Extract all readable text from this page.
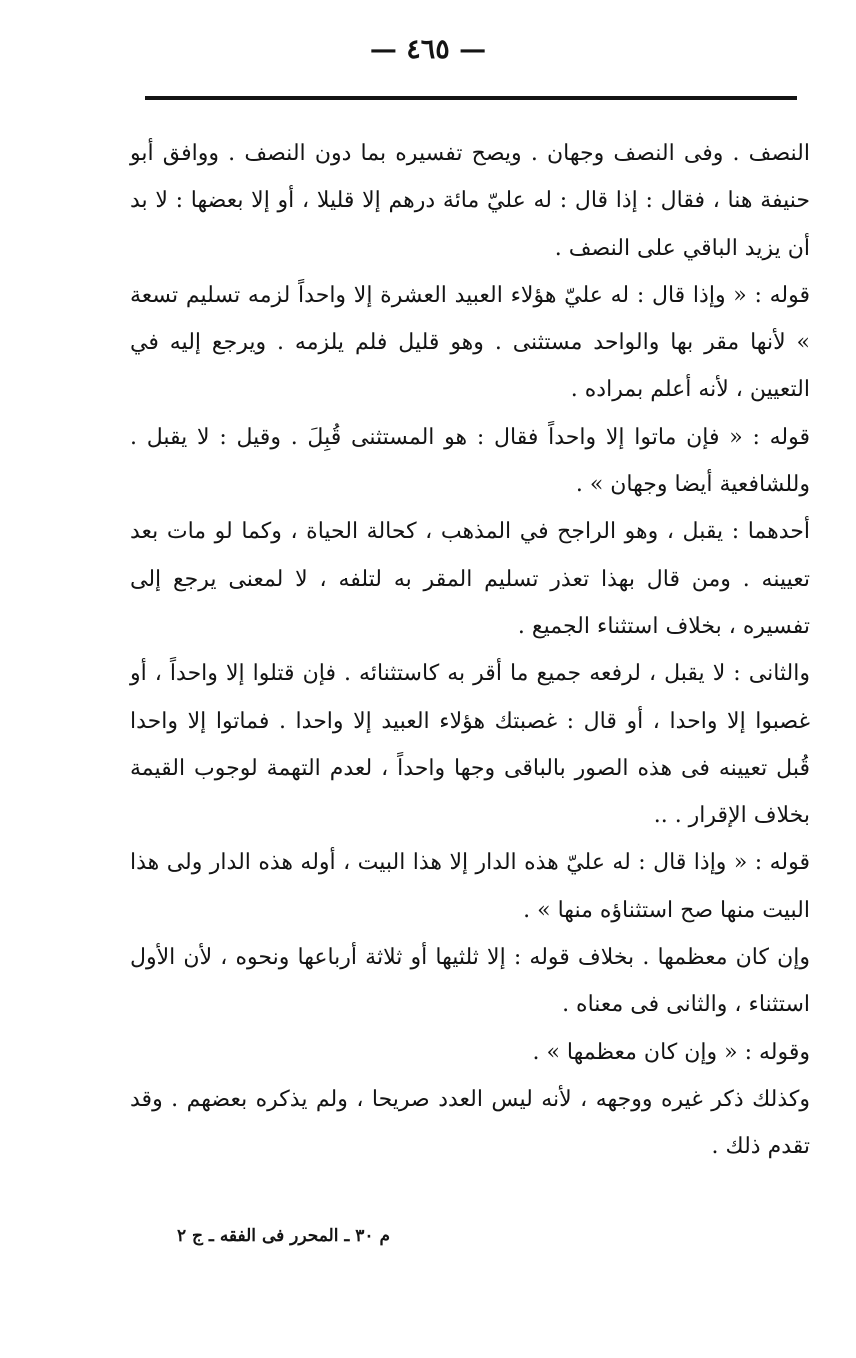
— ٤٦٥ —

النصف . وفى النصف وجهان . ويصح تفسيره بما دون النصف . ووافق أبو حنيفة هنا ، فقال : إذا قال : له عليّ مائة درهم إلا قليلا ، أو إلا بعضها : لا بد أن يزيد الباقي على النصف .

قوله : « وإذا قال : له عليّ هؤلاء العبيد العشرة إلا واحداً لزمه تسليم تسعة » لأنها مقر بها والواحد مستثنى . وهو قليل فلم يلزمه . ويرجع إليه في التعيين ، لأنه أعلم بمراده .

قوله : « فإن ماتوا إلا واحداً فقال : هو المستثنى قُبِلَ . وقيل : لا يقبل . وللشافعية أيضا وجهان » .

أحدهما : يقبل ، وهو الراجح في المذهب ، كحالة الحياة ، وكما لو مات بعد تعيينه . ومن قال بهذا تعذر تسليم المقر به لتلفه ، لا لمعنى يرجع إلى تفسيره ، بخلاف استثناء الجميع .

والثانى : لا يقبل ، لرفعه جميع ما أقر به كاستثنائه . فإن قتلوا إلا واحداً ، أو غصبوا إلا واحدا ، أو قال : غصبتك هؤلاء العبيد إلا واحدا . فماتوا إلا واحدا قُبل تعيينه فى هذه الصور بالباقى وجها واحداً ، لعدم التهمة لوجوب القيمة بخلاف الإقرار . ..

قوله : « وإذا قال : له عليّ هذه الدار إلا هذا البيت ، أوله هذه الدار ولى هذا البيت منها صح استثناؤه منها » .

وإن كان معظمها . بخلاف قوله : إلا ثلثيها أو ثلاثة أرباعها ونحوه ، لأن الأول استثناء ، والثانى فى معناه .

وقوله : « وإن كان معظمها » .

وكذلك ذكر غيره ووجهه ، لأنه ليس العدد صريحا ، ولم يذكره بعضهم . وقد تقدم ذلك .

م ٣٠ ـ المحرر فى الفقه ـ ج ٢
